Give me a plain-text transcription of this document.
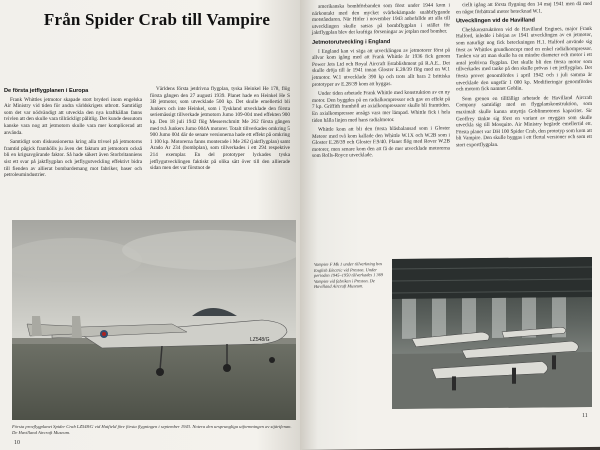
Från Spider Crab till Vampire
De första jetflygplanen i Europa

Frank Whittles jetmotor skapade stort bryderi inom engelska Air Ministry vid tiden för andra världskrigets utbrott. Samtidigt som det var nödvändigt att utveckla den nya kraftkällan fanns tvivlen att den skulle vara tillräckligt pålitlig. Det kunde dessutom kanske vara nog att jetmotorn skulle vara mer komplicerad att använda.

Samtidigt som diskussionerna kring alla trivsel på jetmotorns framtid pågick framhölls ju även det faktum att jetmotorn också bli en krigsavgörande faktor. Så hade säkert även Storbritanniens sist ett svar på jaktflygplan och jetflygutveckling effektivt bidra till fienden av allierat bombardemang mot fabriker, baser och petroleumindustrier.

Världens första jetdrivna flygplan, tyska Heinkel He 178, flög första gången den 27 augusti 1939. Planet hade en Heinkel He S 3B jetmotor, som utvecklade 500 kp. Det skulle emellertid bli Junkers och inte Heinkel, som i Tyskland utvecklade den första seriemässigt tillverkade jetmotorn Jumo 109-004 med effekten 900 kp. Den 18 juli 1942 flög Messerschmitt Me 262 första gången med två Junkers Jumo 004A motorer. Totalt tillverkades omkring 5 900 Jumo 004 där de senare versionerna hade ett effekt på omkring 1 100 kp. Motorerna fanns monterade i Me 262 (jaktflygplan) samt Arado Ar 234 (bombplan), som tillverkades i ett 294 respektive 214 exemplar. En del prototyper lyckades tyska jetflygutvecklingen faktiskt på olika sätt över till den allierade sidan men det var förstnot de

LZ548/G
Första provflygplanet Spider Crab LZ548/G vid Hatfield före första flygningen i september 1943. Notera den ursprungliga utformningen av stjärtfenan. De Havilland Aircraft Museum.
10

amerikanska bombförbanden som först under 1944 kom i närkontakt med den mycket svårbekämpade snabbflygande motståndaren. När Hitler i november 1943 anbefallde att alla till utvecklingen skulle satsas på bombflygplan i stället för jaktflygplan blev det kraftiga förseningar av jetplan med bomber.

Jetmotorutveckling i England

I England kan vi säga att utvecklingen av jetmotorer först på allvar kom igång med att Frank Whittle år 1936 fick genom Power Jets Ltd och Royal Aircraft Establishment på R.A.E.. Det skulle dröja till år 1941 innan Gloster E.28/39 flög med en W.1 jetmotor. W.1 utvecklade 390 kp och trots allt bara 2 brittiska prototyper av E.28/39 kom att byggas.

Under tiden arbetade Frank Whittle med konstruktion av en ny motor. Den byggdes på en radialkompressor och gav en effekt på 7 kp. Griffith framhöll att axialkompressorer skulle bli framtiden. En axialkompressor ansågs vara mer lämpad. Whittle fick i hela tiden hålla linjen med hans radialmotor.

Whittle kom att bli den första blåsbalansad som i Gloster Meteor med två kom kallade den Whittle W.1X och W.2B som i Gloster E.28/39 och Gloster F.9/40. Planet flög med Rover W.2B motorer, men senare kom den att få de mer utvecklade motorerna som Rolls-Royce utvecklade.

ciellt igång att första flygning den 14 maj 1941 men då med en något förbättrad motor betecknad W.1.

Utvecklingen vid de Havilland

Chefskonstruktören vid de Havilland Engines, major Frank Halford, inledde i början av 1941 utvecklingen av en jetmotor, som naturligt nog fick beteckningen H.1. Halford använde sig först av Whittles grundkoncept med en enkel radialkompressor. Tanken var att man skulle ha en mindre diameter och motor i ett antal jetdrivna flygplan. Det skulle bli den första motor som tillverkades med tanke på den skulle prövas i ett jetflygplan. Det första provet genomfördes i april 1942 och i juli samma år utvecklade den ungefär 1 000 kp. Modifieringar genomfördes och motorn fick namnet Goblin.

Som grenen en tillfälligt arbetade de Havilland Aircraft Company samtidigt med en flygplanskonstruktion, som maximalt skulle kunna utnyttja Goblinmotorns kapacitet. Sir Geoffrey tänkte sig först en variant av myggan som skulle utveckla sig till Mosquito. Air Ministry begärde emellertid ett. Första planet var DH 100 Spider Crab, den prototyp som kom att bli Vampire. Den skulle byggas i ett flertal versioner och som ett stort exportflygplan.

Vampire F Mk 1 under tillverkning hos English Electric vid Preston. Under perioden 1945–1950 tillverkades 1 369 Vampire vid fabriken i Preston. De Havilland Aircraft Museum.
11
